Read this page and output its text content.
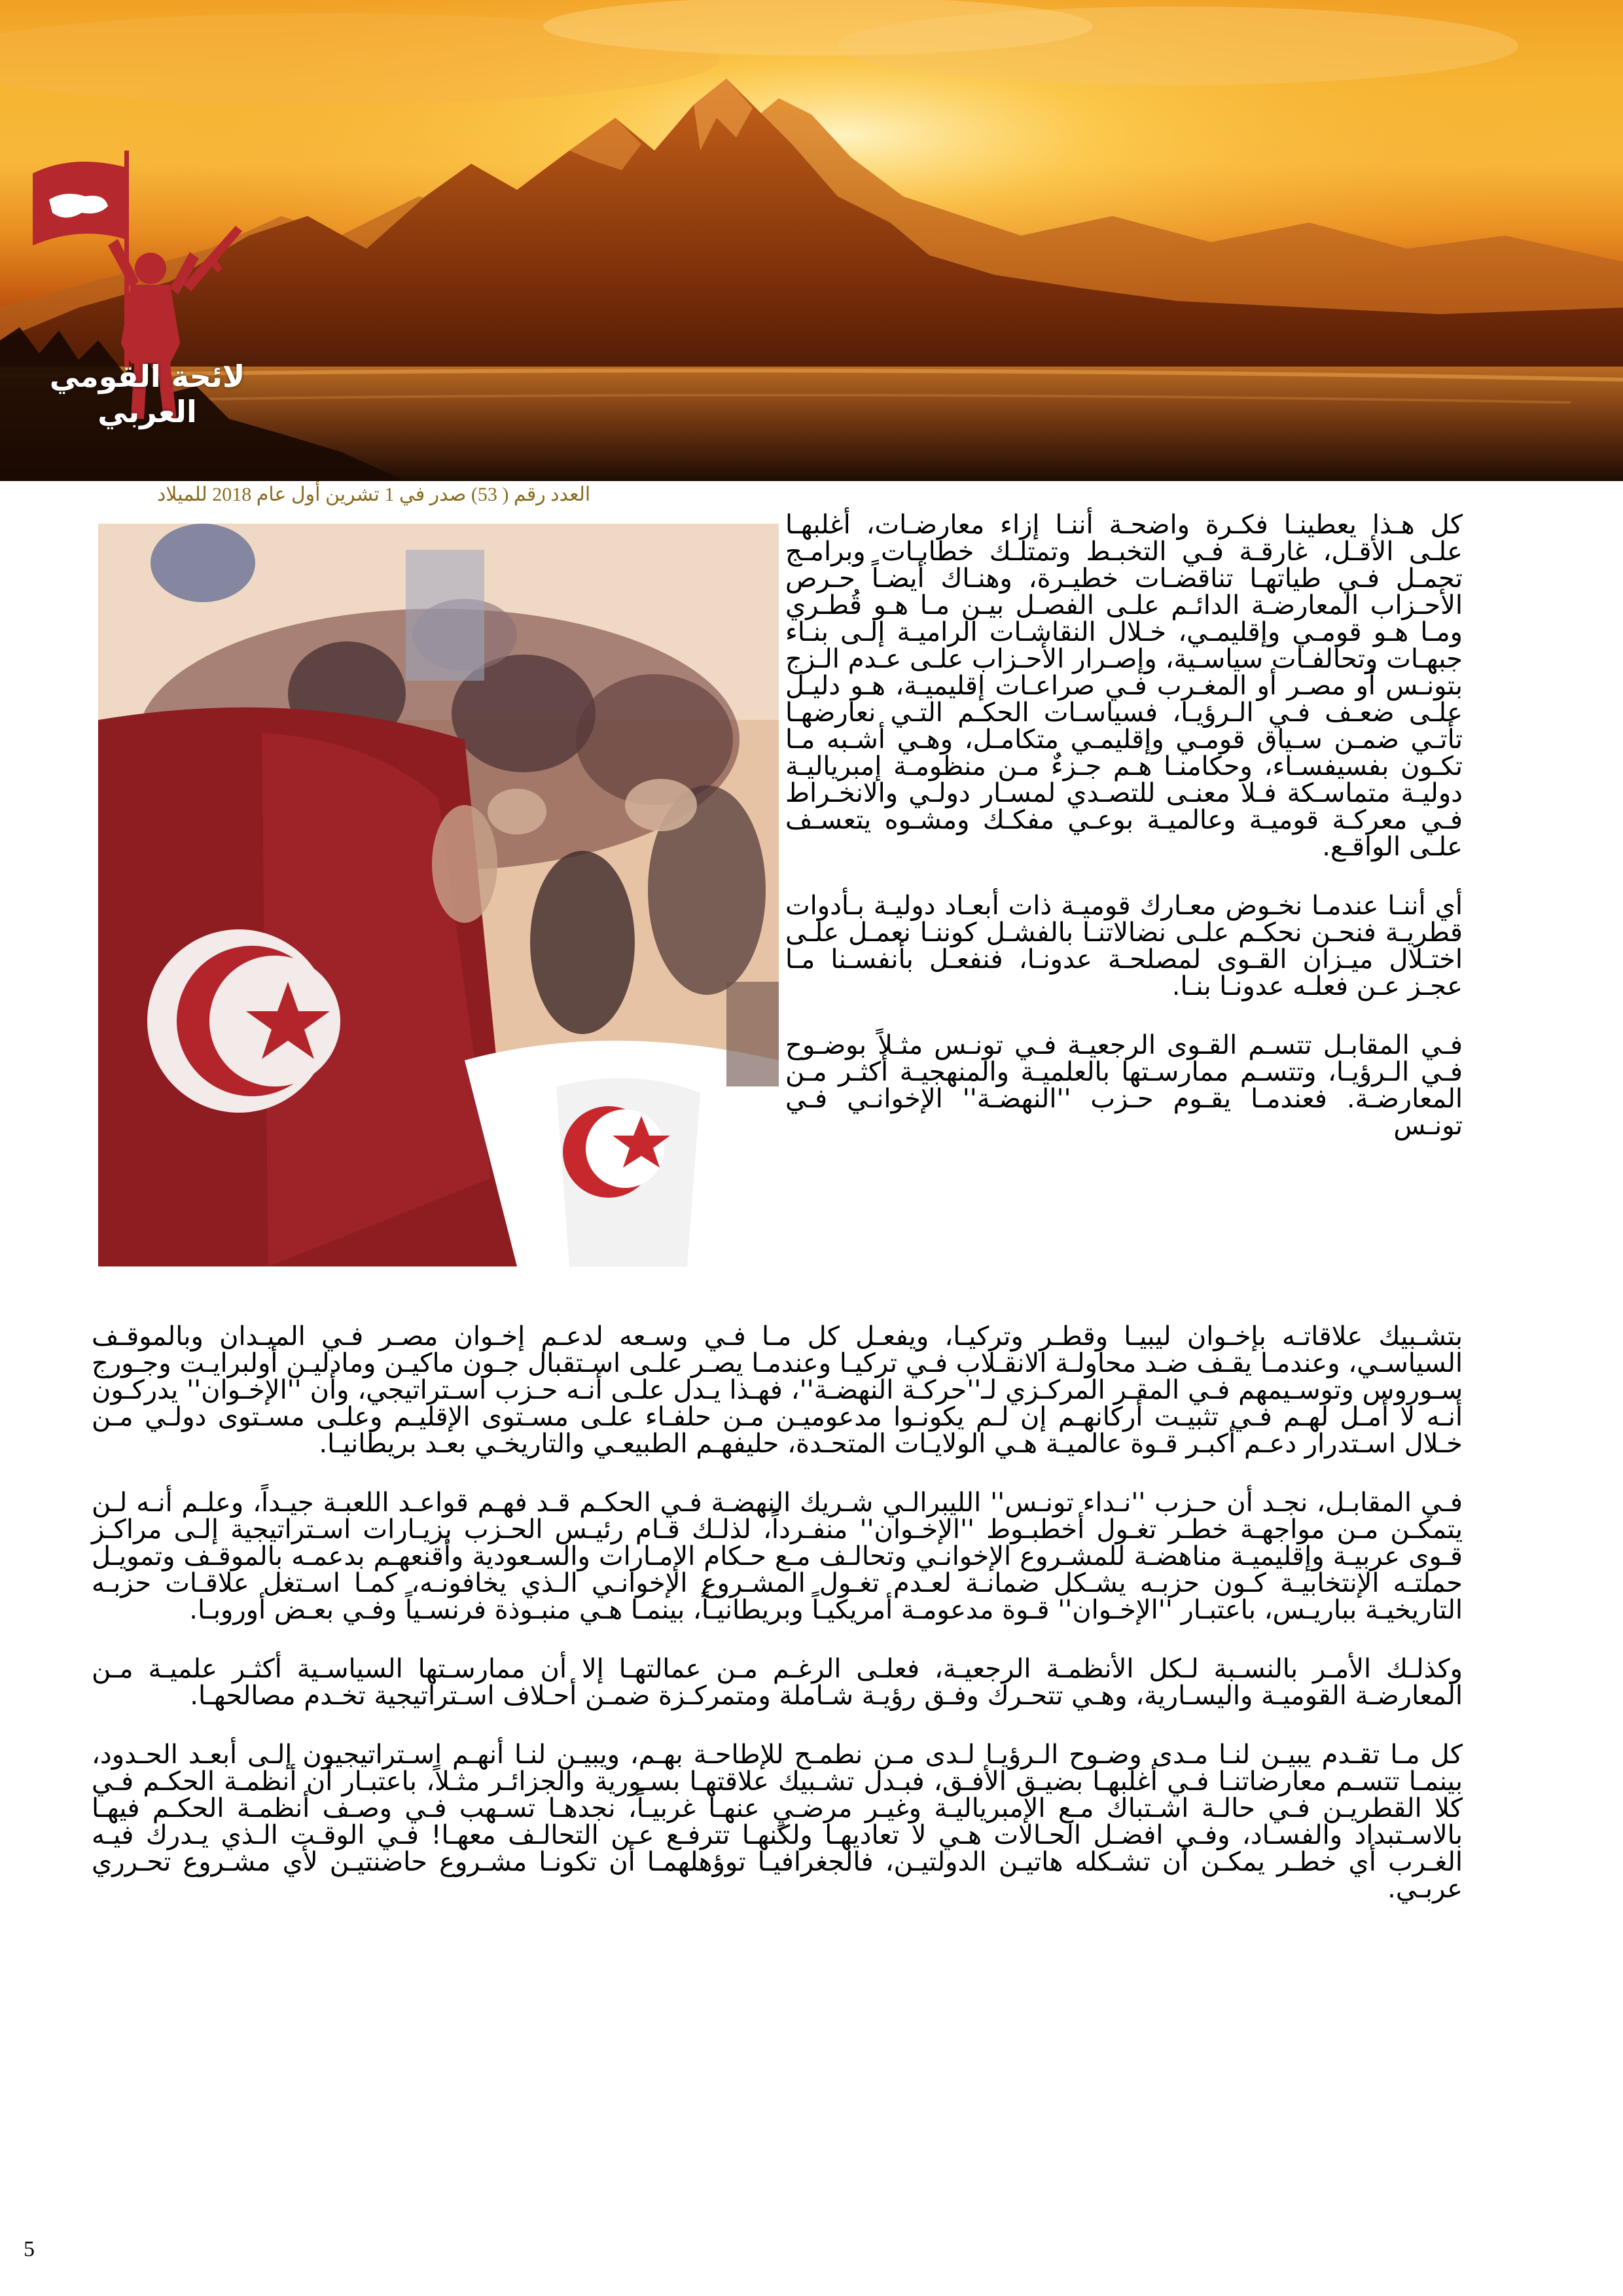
لائحة القومي العربي
العدد رقم ( 53) صدر في 1 تشرين أول عام 2018 للميلاد

كل هـذا يعطينـا فكـرة واضحـة أننـا إزاء معارضـات، أغلبهـا علـى الأقـل، غارقـة فـي التخبـط وتمتلـك خطابـات وبرامـج تحمـل فـي طياتهـا تناقضـات خطيـرة، وهنـاك أيضـاً حـرص الأحـزاب المعارضـة الدائـم علـى الفصـل بيـن مـا هـو قُطـري ومـا هـو قومـي وإقليمـي، خـلال النقاشـات الراميـة إلـى بنـاء جبهـات وتحالفـات سياسـية، وإصـرار الأحـزاب علـى عـدم الـزج بتونـس أو مصـر أو المغـرب فـي صراعـات إقليميـة، هـو دليـل علـى ضعـف فـي الـرؤيـا، فسياسـات الحكـم التـي نعارضهـا تأتـي ضمـن سـياق قومـي وإقليمـي متكامـل، وهـي أشـبه مـا تكـون بفسيفسـاء، وحكامنـا هـم جـزءٌ مـن منظومـة إمبرياليـة دوليـة متماسـكة فـلا معنـى للتصـدي لمسـار دولـي والانخـراط فـي معركـة قوميـة وعالميـة بوعـي مفكـك ومشـوه يتعسـف علـى الواقـع.

أي أننـا عندمـا نخـوض معـارك قوميـة ذات أبعـاد دوليـة بـأدوات قطريـة فنحـن نحكـم علـى نضالاتنـا بالفشـل كوننـا نعمـل علـى اختـلال ميـزان القـوى لمصلحـة عدونـا، فنفعـل بأنفسـنا مـا عجـز عـن فعلـه عدونـا بنـا.

فـي المقابـل تتسـم القـوى الرجعيـة فـي تونـس مثـلاً بوضـوح فـي الـرؤيـا، وتتسـم ممارسـتها بالعلميـة والمنهجيـة أكثـر مـن المعارضـة. فعندمـا يقـوم حـزب ''النهضـة'' الإخوانـي فـي تونـس

بتشـبيك علاقاتـه بإخـوان ليبيـا وقطـر وتركيـا، ويفعـل كل مـا فـي وسـعه لدعـم إخـوان مصـر فـي الميـدان وبالموقـف السياسـي، وعندمـا يقـف ضـد محاولـة الانقـلاب فـي تركيـا وعندمـا يصـر علـى اسـتقبال جـون ماكيـن ومادليـن أولبرايـت وجـورج سـوروس وتوسـيمهم فـي المقـر المركـزي لـ''حركـة النهضـة''، فهـذا يـدل علـى أنـه حـزب اسـتراتيجي، وأن ''الإخـوان'' يدركـون أنـه لا أمـل لهـم فـي تثبيـت أركانهـم إن لـم يكونـوا مدعوميـن مـن حلفـاء علـى مسـتوى الإقليـم وعلـى مسـتوى دولـي مـن خـلال اسـتدرار دعـم أكبـر قـوة عالميـة هـي الولايـات المتحـدة، حليفهـم الطبيعـي والتاريخـي بعـد بريطانيـا.

فـي المقابـل، نجـد أن حـزب ''نـداء تونـس'' الليبرالـي شـريك النهضـة فـي الحكـم قـد فهـم قواعـد اللعبـة جيـداً، وعلـم أنـه لـن يتمكـن مـن مواجهـة خطـر تغـول أخطبـوط ''الإخـوان'' منفـرداً، لذلـك قـام رئيـس الحـزب بزيـارات اسـتراتيجية إلـى مراكـز قـوى عربيـة وإقليميـة مناهضـة للمشـروع الإخوانـي وتحالـف مـع حـكام الإمـارات والسـعودية وأقنعهـم بدعمـه بالموقـف وتمويـل حملتـه الإنتخابيـة كـون حزبـه يشـكل ضمانـة لعـدم تغـول المشـروع الإخوانـي الـذي يخافونـه، كمـا اسـتغل علاقـات حزبـه التاريخيـة بباريـس، باعتبـار ''الإخـوان'' قـوة مدعومـة أمريكيـاً وبريطانيـاً، بينمـا هـي منبـوذة فرنسـياً وفـي بعـض أوروبـا.

وكذلـك الأمـر بالنسـبة لـكل الأنظمـة الرجعيـة، فعلـى الرغـم مـن عمالتهـا إلا أن ممارسـتها السياسـية أكثـر علميـة مـن المعارضـة القوميـة واليسـارية، وهـي تتحـرك وفـق رؤيـة شـاملة ومتمركـزة ضمـن أحـلاف اسـتراتيجية تخـدم مصالحهـا.

كل مـا تقـدم يبيـن لنـا مـدى وضـوح الـرؤيـا لـدى مـن نطمـح للإطاحـة بهـم، ويبيـن لنـا أنهـم اسـتراتيجيون إلـى أبعـد الحـدود، بينمـا تتسـم معارضاتنـا فـي أغلبهـا بضيـق الأفـق، فبـدل تشـبيك علاقتهـا بسـورية والجزائـر مثـلاً، باعتبـار أن أنظمـة الحكـم فـي كلا القطريـن فـي حالـة اشـتباك مـع الإمبرياليـة وغيـر مرضـيٍ عنهـا غربيـاً، نجدهـا تسـهب فـي وصـف أنظمـة الحكـم فيهـا بالاسـتبداد والفسـاد، وفـي افضـل الحـالات هـي لا تعاديهـا ولكنهـا تترفـع عـن التحالـف معهـا! فـي الوقـت الـذي يـدرك فيـه الغـرب أي خطـر يمكـن أن تشـكله هاتيـن الدولتيـن، فالجغرافيـا توؤهلهمـا أن تكونـا مشـروع حاضنتيـن لأي مشـروع تحـرري عربـي.

5
